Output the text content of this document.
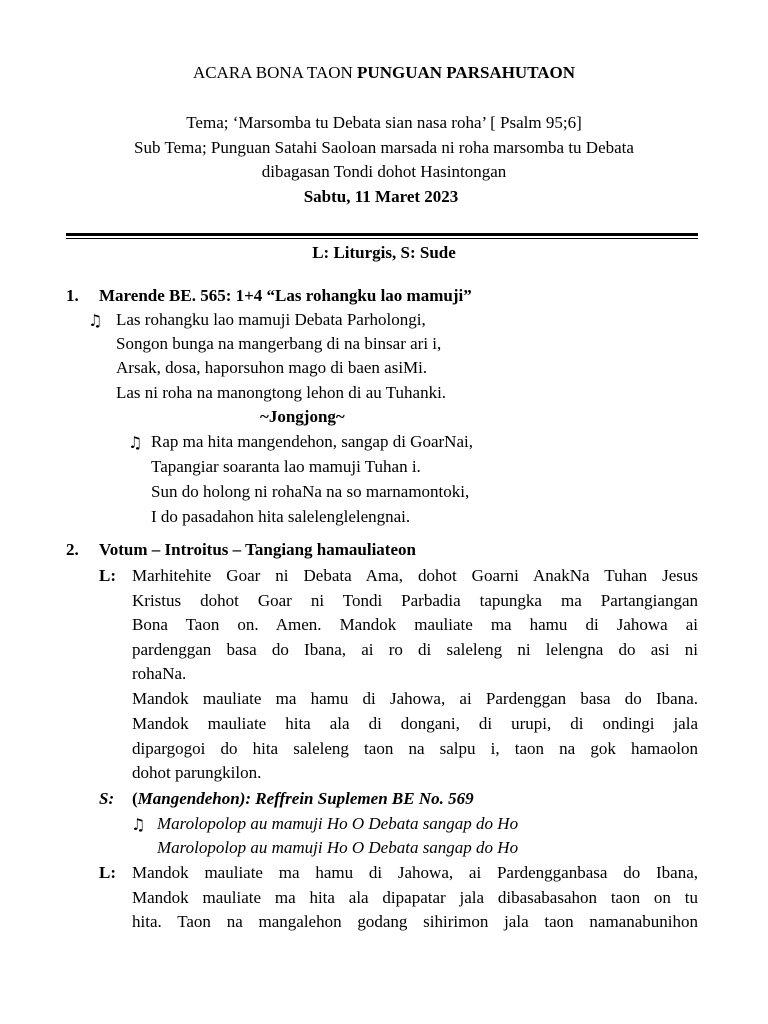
ACARA BONA TAON PUNGUAN PARSAHUTAON
Tema; ‘Marsomba tu Debata sian nasa roha’ [ Psalm 95;6]
Sub Tema; Punguan Satahi Saoloan marsada ni roha marsomba tu Debata
dibagasan Tondi dohot Hasintongan
Sabtu, 11 Maret 2023
L: Liturgis, S: Sude
1. Marende BE. 565: 1+4 “Las rohangku lao mamuji”
♫ Las rohangku lao mamuji Debata Parholongi,
Songon bunga na mangerbang di na binsar ari i,
Arsak, dosa, haporsuhon mago di baen asiMi.
Las ni roha na manongtong lehon di au Tuhanki.
~Jongjong~
♫ Rap ma hita mangendehon, sangap di GoarNai,
Tapangiar soaranta lao mamuji Tuhan i.
Sun do holong ni rohaNa na so marnamontoki,
I do pasadahon hita salelenglelengnai.
2. Votum – Introitus – Tangiang hamauliateon
L: Marhitehite Goar ni Debata Ama, dohot Goarni AnakNa Tuhan Jesus
Kristus dohot Goar ni Tondi Parbadia tapungka ma Partangiangan
Bona Taon on. Amen. Mandok mauliate ma hamu di Jahowa ai
pardenggan basa do Ibana, ai ro di saleleng ni lelengna do asi ni
rohaNa.
Mandok mauliate ma hamu di Jahowa, ai Pardenggan basa do Ibana.
Mandok mauliate hita ala di dongani, di urupi, di ondingi jala
dipargogoi do hita saleleng taon na salpu i, taon na gok hamaolon
dohot parungkilon.
S: (Mangendehon): Reffrein Suplemen BE No. 569
♫ Marolopolop au mamuji Ho O Debata sangap do Ho
Marolopolop au mamuji Ho O Debata sangap do Ho
L: Mandok mauliate ma hamu di Jahowa, ai Pardengganbasa do Ibana,
Mandok mauliate ma hita ala dipapatar jala dibasabasahon taon on tu
hita. Taon na mangalehon godang sihirimon jala taon namanabunihon
